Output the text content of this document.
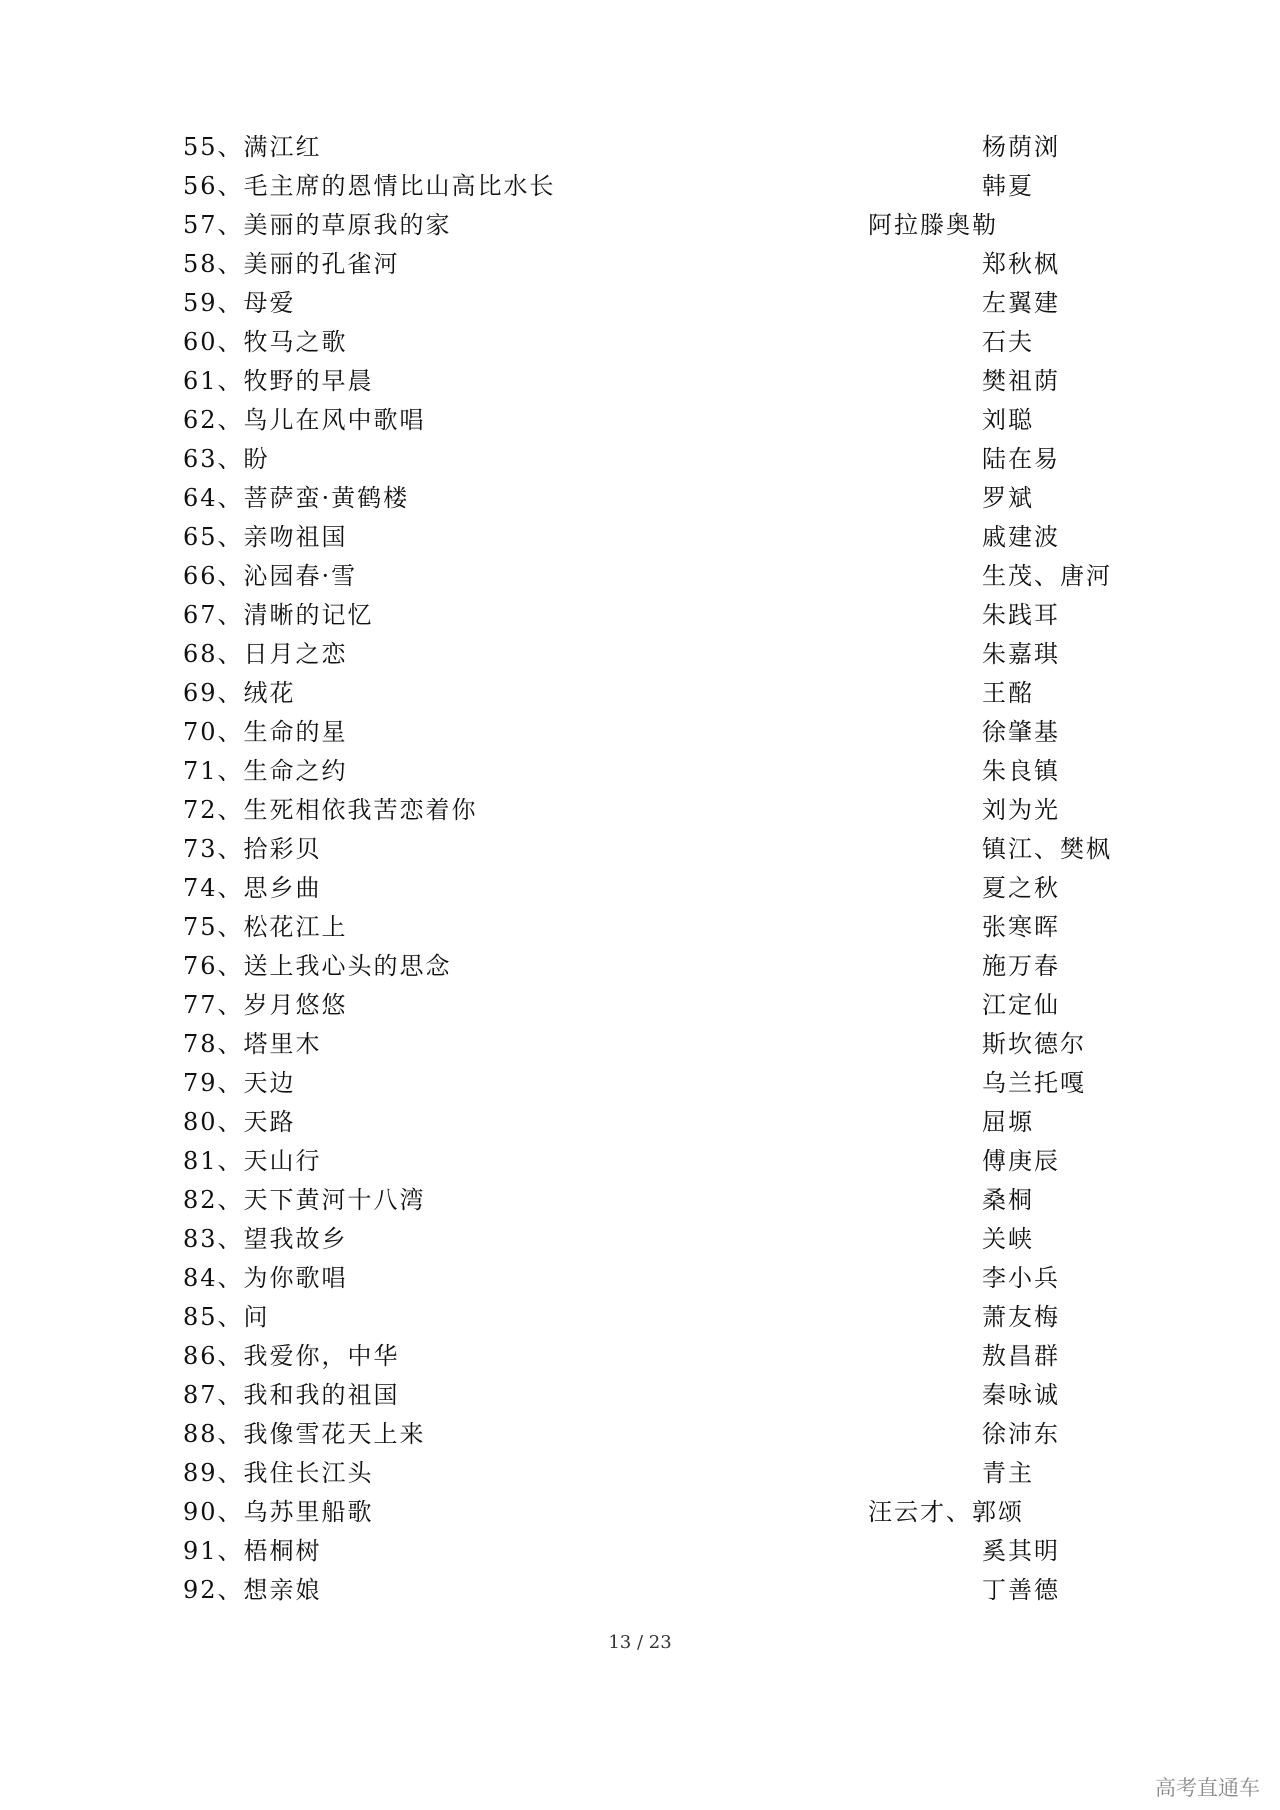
55、满江红	杨荫浏
56、毛主席的恩情比山高比水长	韩夏
57、美丽的草原我的家	阿拉滕奥勒
58、美丽的孔雀河	郑秋枫
59、母爱	左翼建
60、牧马之歌	石夫
61、牧野的早晨	樊祖荫
62、鸟儿在风中歌唱	刘聪
63、盼	陆在易
64、菩萨蛮·黄鹤楼	罗斌
65、亲吻祖国	戚建波
66、沁园春·雪	生茂、唐河
67、清晰的记忆	朱践耳
68、日月之恋	朱嘉琪
69、绒花	王酩
70、生命的星	徐肇基
71、生命之约	朱良镇
72、生死相依我苦恋着你	刘为光
73、拾彩贝	镇江、樊枫
74、思乡曲	夏之秋
75、松花江上	张寒晖
76、送上我心头的思念	施万春
77、岁月悠悠	江定仙
78、塔里木	斯坎德尔
79、天边	乌兰托嘎
80、天路	屈塬
81、天山行	傅庚辰
82、天下黄河十八湾	桑桐
83、望我故乡	关峡
84、为你歌唱	李小兵
85、问	萧友梅
86、我爱你，中华	敖昌群
87、我和我的祖国	秦咏诚
88、我像雪花天上来	徐沛东
89、我住长江头	青主
90、乌苏里船歌	汪云才、郭颂
91、梧桐树	奚其明
92、想亲娘	丁善德
13 / 23
高考直通车
